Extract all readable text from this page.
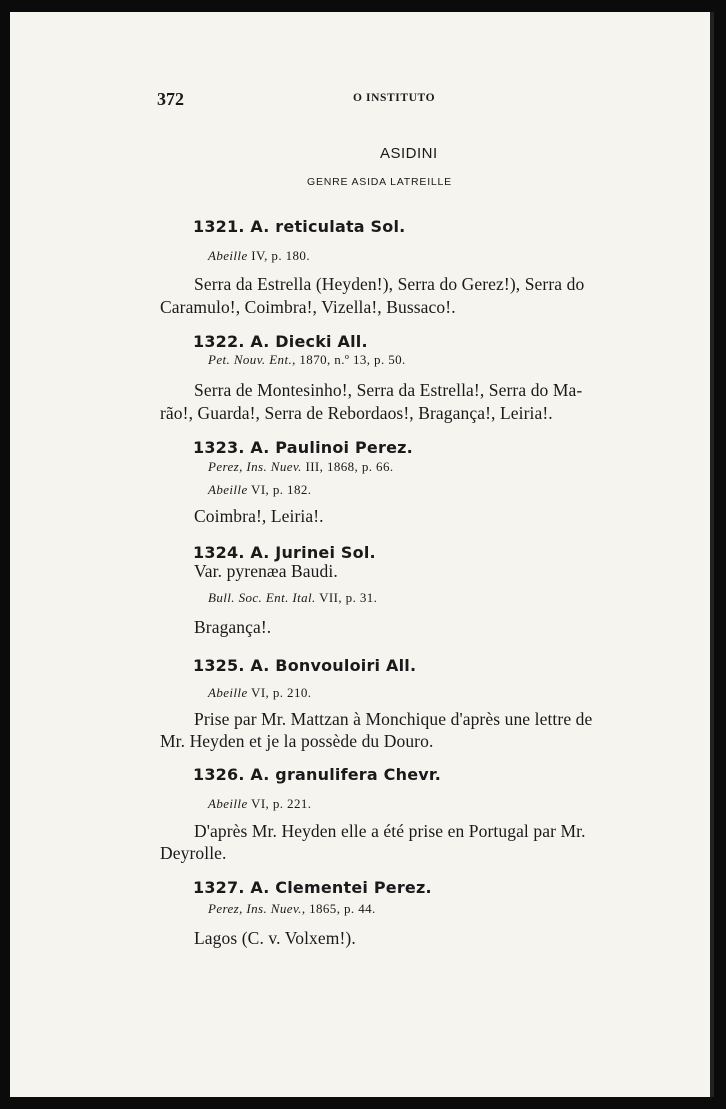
372	O INSTITUTO
ASIDINI
GENRE ASIDA LATREILLE
1321. A. reticulata Sol.
Abeille IV, p. 180.
Serra da Estrella (Heyden!), Serra do Gerez!), Serra do
Caramulo!, Coimbra!, Vizella!, Bussaco!.
1322. A. Diecki All.
Pet. Nouv. Ent., 1870, n.º 13, p. 50.
Serra de Montesinho!, Serra da Estrella!, Serra do Ma-
rão!, Guarda!, Serra de Rebordaos!, Bragança!, Leiria!.
1323. A. Paulinoi Perez.
Perez, Ins. Nuev. III, 1868, p. 66.
Abeille VI, p. 182.
Coimbra!, Leiria!.
1324. A. Jurinei Sol.
Var. pyrenæa Baudi.
Bull. Soc. Ent. Ital. VII, p. 31.
Bragança!.
1325. A. Bonvouloiri All.
Abeille VI, p. 210.
Prise par Mr. Mattzan à Monchique d'après une lettre de
Mr. Heyden et je la possède du Douro.
1326. A. granulifera Chevr.
Abeille VI, p. 221.
D'après Mr. Heyden elle a été prise en Portugal par Mr.
Deyrolle.
1327. A. Clementei Perez.
Perez, Ins. Nuev., 1865, p. 44.
Lagos (C. v. Volxem!).
